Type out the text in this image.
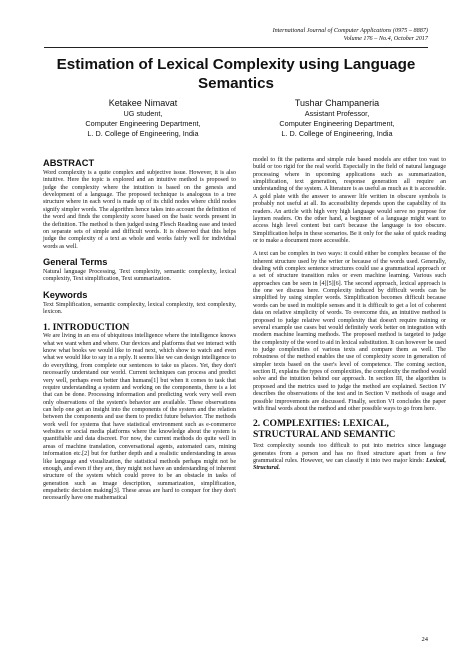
International Journal of Computer Applications (0975 – 8887)
Volume 176 – No.4, October 2017
Estimation of Lexical Complexity using Language
Semantics
Ketakee Nimavat
UG student,
Computer Engineering Department,
L. D. College of Engineering, India
Tushar Champaneria
Assistant Professor,
Computer Engineering Department,
L. D. College of Engineering, India
ABSTRACT

Word complexity is a quite complex and subjective issue. However, it is also intuitive. Here the topic is explored and an intuitive method is proposed to judge the complexity where the intuition is based on the genesis and development of a language. The proposed technique is analogous to a tree structure where in each word is made up of its child nodes where child nodes signify simpler words. The algorithm hence takes into account the definition of the word and finds the complexity score based on the basic words present in the definition. The method is then judged using Flesch Reading ease and tested on separate sets of simple and difficult words. It is observed that this helps judge the complexity of a text as whole and works fairly well for individual words as well.

General Terms

Natural language Processing, Text complexity, semantic complexity, lexical complexity, Text simplification, Text summarization.

Keywords

Text Simplification, semantic complexity, lexical complexity, text complexity, lexicon.

1. INTRODUCTION

We are living in an era of ubiquitous intelligence where the intelligence knows what we want when and where. Our devices and platforms that we interact with know what books we would like to read next, which show to watch and even what we would like to say in a reply. It seems like we can design intelligence to do everything, from complete our sentences to take us places. Yet, they don't necessarily understand our world. Current techniques can process and predict very well, perhaps even better than humans[1] but when it comes to task that require understanding a system and working on the components, there is a lot that can be done. Processing information and predicting work very well even only observations of the system's behavior are available. These observations can help one get an insight into the components of the system and the relation between the components and use them to predict future behavior. The methods work well for systems that have statistical environment such as e-commerce websites or social media platforms where the knowledge about the system is quantifiable and data discreet. For now, the current methods do quite well in areas of machine translation, conversational agents, automated cars, mining information etc.[2] but for further depth and a realistic understanding in areas like language and visualization, the statistical methods perhaps might not be enough, and even if they are, they might not have an understanding of inherent structure of the system which could prove to be an obstacle in tasks of generation such as image description, summarization, simplification, empathetic decision making[3]. These areas are hard to conquer for they don't necessarily have one mathematical

model to fit the patterns and simple rule based models are either too vast to build or too rigid for the real world. Especially in the field of natural language processing where in upcoming applications such as summarization, simplification, text generation, response generation all require an understanding of the system. A literature is as useful as much as it is accessible. A gold plate with the answer to answer life written in obscure symbols is probably not useful at all. Its accessibility depends upon the capability of its readers. An article with high very high language would serve no purpose for laymen readers. On the other hand, a beginner of a language might want to access high level content but can't because the language is too obscure. Simplification helps in these scenarios. Be it only for the sake of quick reading or to make a document more accessible.

A text can be complex in two ways: it could either be complex because of the inherent structure used by the writer or because of the words used. Generally, dealing with complex sentence structures could use a grammatical approach or a set of structure transition rules or even machine learning. Various such approaches can be seen in [4][5][6]. The second approach, lexical approach is the one we discuss here. Complexity induced by difficult words can be simplified by using simpler words. Simplification becomes difficult because words can be used in multiple senses and it is difficult to get a lot of coherent data on relative simplicity of words. To overcome this, an intuitive method is proposed to judge relative word complexity that doesn't require training or several example use cases but would definitely work better on integration with modern machine learning methods. The proposed method is targeted to judge the complexity of the word to aid in lexical substitution. It can however be used to judge complexities of various texts and compare them as well. The robustness of the method enables the use of complexity score in generation of simpler texts based on the user's level of competence. The coming section, section II, explains the types of complexities, the complexity the method would solve and the intuition behind our approach. In section III, the algorithm is proposed and the metrics used to judge the method are explained. Section IV describes the observations of the test and in Section V methods of usage and possible improvements are discussed. Finally, section VI concludes the paper with final words about the method and other possible ways to go from here.

2. COMPLEXITIES: LEXICAL,
STRUCTURAL AND SEMANTIC

Text complexity sounds too difficult to put into metrics since language generates from a person and has no fixed structure apart from a few grammatical rules. However, we can classify it into two major kinds: Lexical, Structural.

24
